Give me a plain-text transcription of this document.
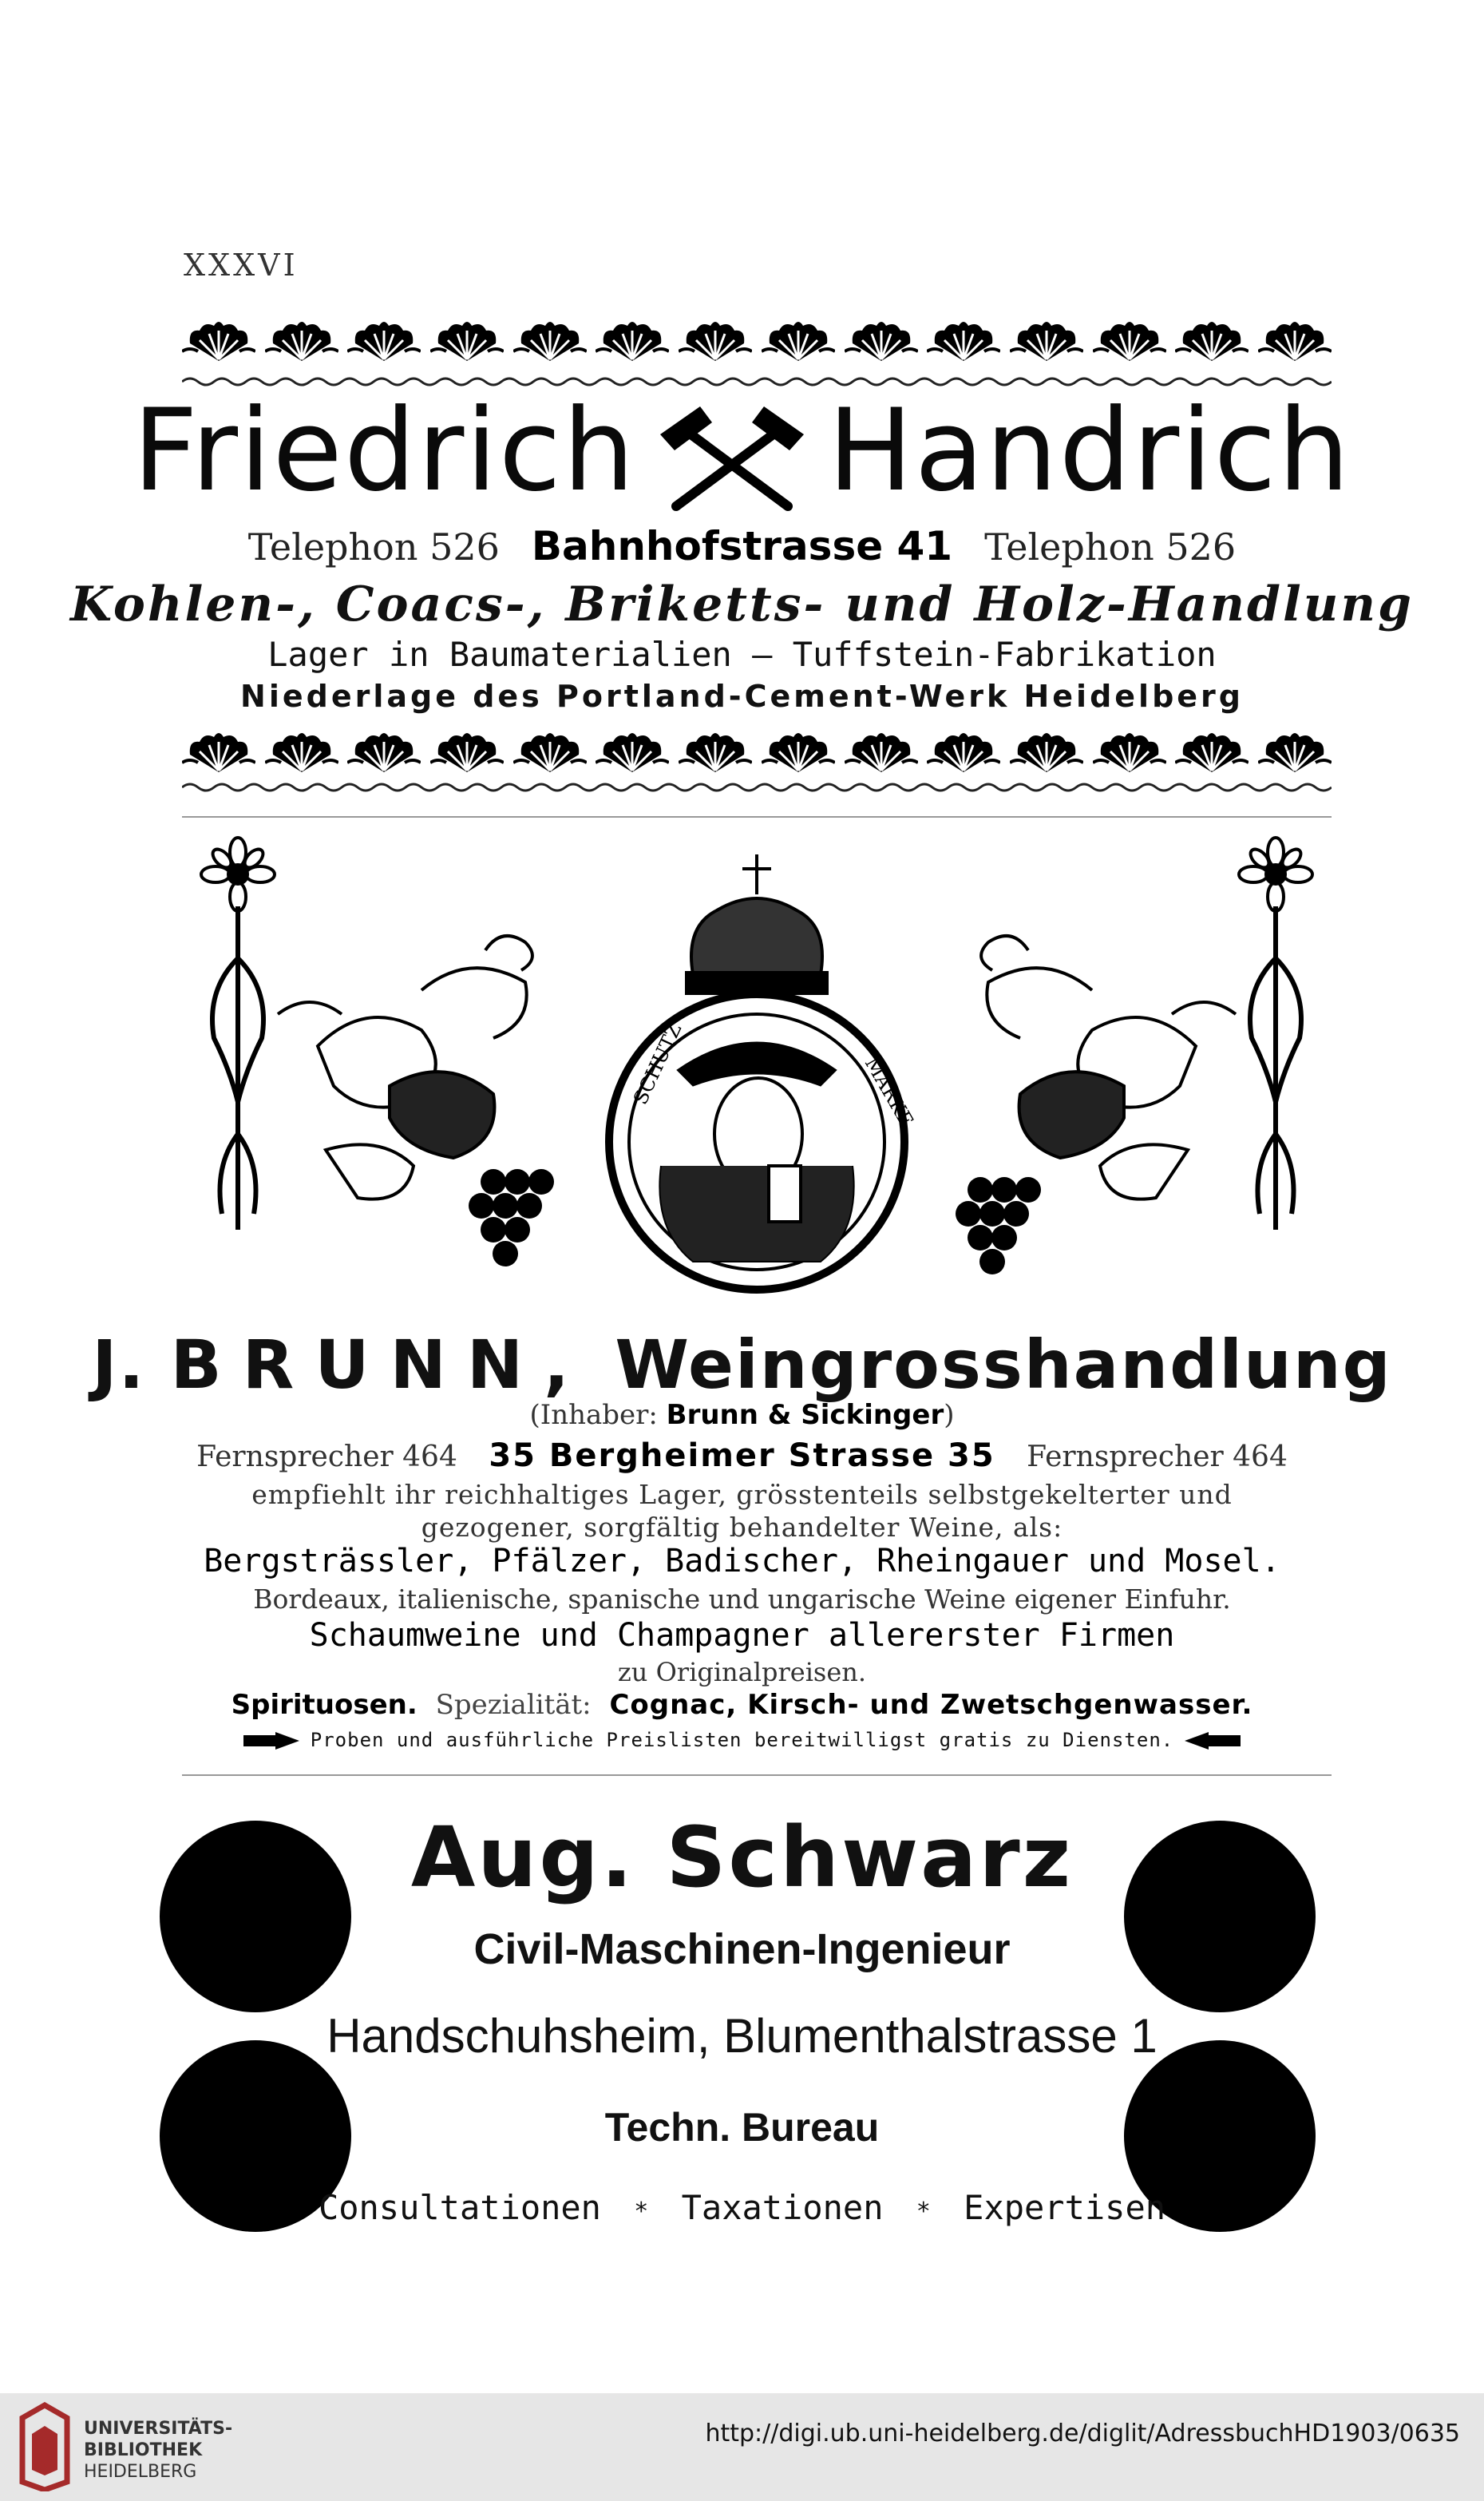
XXXVI
Friedrich Handrich
Telephon 526 Bahnhofstrasse 41 Telephon 526
Kohlen-, Coacs-, Briketts- und Holz-Handlung
Lager in Baumaterialien — Tuffstein-Fabrikation
Niederlage des Portland-Cement-Werk Heidelberg
SCHUTZ	MARKE.
J. BRUNN, Weingrosshandlung
(Inhaber: Brunn & Sickinger)
Fernsprecher 464 35 Bergheimer Strasse 35 Fernsprecher 464
empfiehlt ihr reichhaltiges Lager, grösstenteils selbstgekelterter und
gezogener, sorgfältig behandelter Weine, als:
Bergsträssler, Pfälzer, Badischer, Rheingauer und Mosel.
Bordeaux, italienische, spanische und ungarische Weine eigener Einfuhr.
Schaumweine und Champagner allererster Firmen
zu Originalpreisen.
Spirituosen. Spezialität: Cognac, Kirsch- und Zwetschgenwasser.
Proben und ausführliche Preislisten bereitwilligst gratis zu Diensten.
Aug. Schwarz
Civil-Maschinen-Ingenieur
Handschuhsheim, Blumenthalstrasse 1
Techn. Bureau
Consultationen * Taxationen * Expertisen
UNIVERSITÄTS-
BIBLIOTHEK
HEIDELBERG
http://digi.ub.uni-heidelberg.de/diglit/AdressbuchHD1903/0635
